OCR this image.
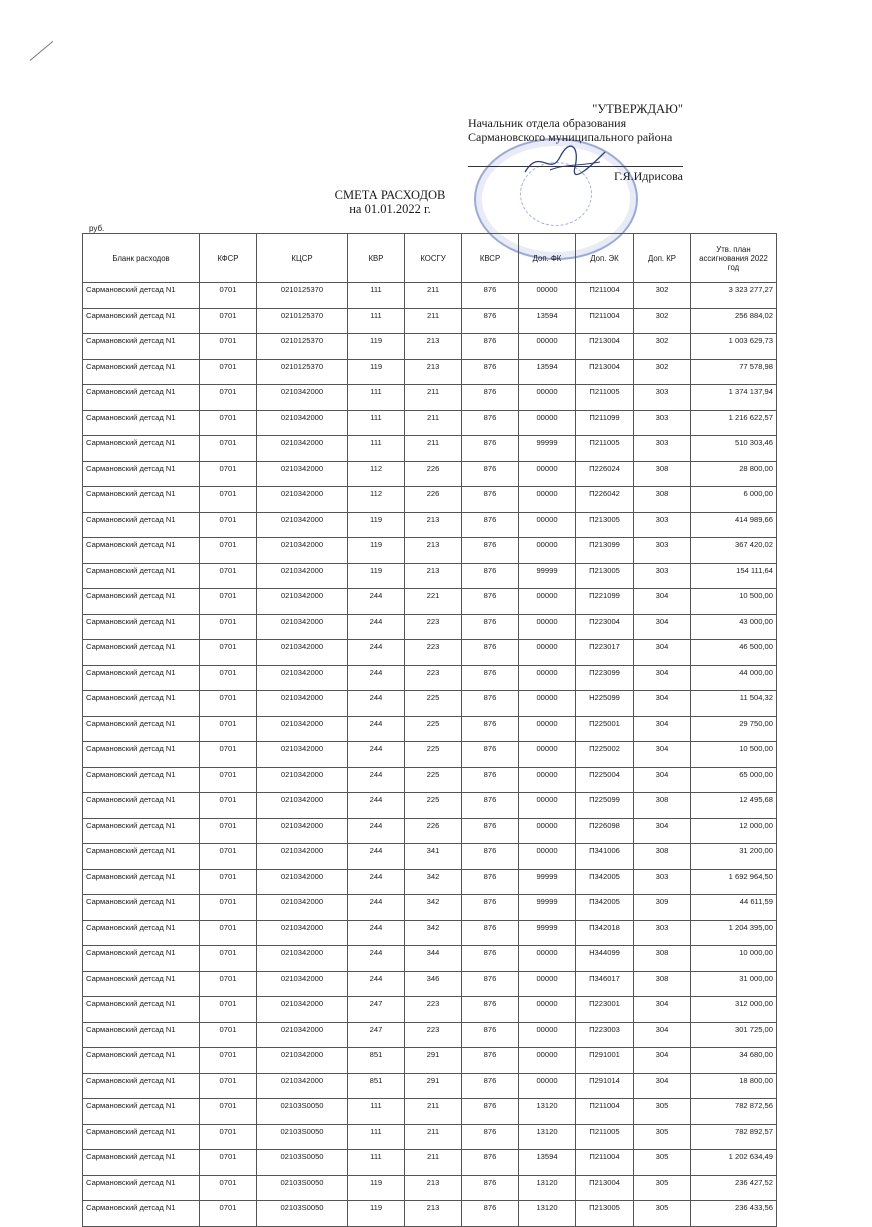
"УТВЕРЖДАЮ"
Начальник отдела образования
Сармановского муниципального района
Г.Я.Идрисова
СМЕТА РАСХОДОВ
на 01.01.2022 г.
руб.
Бланк расходов	КФСР	КЦСР	КВР	КОСГУ	КВСР	Доп. ФК	Доп. ЭК	Доп. КР	Утв. план ассигнования 2022 год
Сармановский детсад N1	0701	0210125370	111	211	876	00000	П211004	302	3 323 277,27
Сармановский детсад N1	0701	0210125370	111	211	876	13594	П211004	302	256 884,02
Сармановский детсад N1	0701	0210125370	119	213	876	00000	П213004	302	1 003 629,73
Сармановский детсад N1	0701	0210125370	119	213	876	13594	П213004	302	77 578,98
Сармановский детсад N1	0701	0210342000	111	211	876	00000	П211005	303	1 374 137,94
Сармановский детсад N1	0701	0210342000	111	211	876	00000	П211099	303	1 216 622,57
Сармановский детсад N1	0701	0210342000	111	211	876	99999	П211005	303	510 303,46
Сармановский детсад N1	0701	0210342000	112	226	876	00000	П226024	308	28 800,00
Сармановский детсад N1	0701	0210342000	112	226	876	00000	П226042	308	6 000,00
Сармановский детсад N1	0701	0210342000	119	213	876	00000	П213005	303	414 989,66
Сармановский детсад N1	0701	0210342000	119	213	876	00000	П213099	303	367 420,02
Сармановский детсад N1	0701	0210342000	119	213	876	99999	П213005	303	154 111,64
Сармановский детсад N1	0701	0210342000	244	221	876	00000	П221099	304	10 500,00
Сармановский детсад N1	0701	0210342000	244	223	876	00000	П223004	304	43 000,00
Сармановский детсад N1	0701	0210342000	244	223	876	00000	П223017	304	46 500,00
Сармановский детсад N1	0701	0210342000	244	223	876	00000	П223099	304	44 000,00
Сармановский детсад N1	0701	0210342000	244	225	876	00000	Н225099	304	11 504,32
Сармановский детсад N1	0701	0210342000	244	225	876	00000	П225001	304	29 750,00
Сармановский детсад N1	0701	0210342000	244	225	876	00000	П225002	304	10 500,00
Сармановский детсад N1	0701	0210342000	244	225	876	00000	П225004	304	65 000,00
Сармановский детсад N1	0701	0210342000	244	225	876	00000	П225099	308	12 495,68
Сармановский детсад N1	0701	0210342000	244	226	876	00000	П226098	304	12 000,00
Сармановский детсад N1	0701	0210342000	244	341	876	00000	П341006	308	31 200,00
Сармановский детсад N1	0701	0210342000	244	342	876	99999	П342005	303	1 692 964,50
Сармановский детсад N1	0701	0210342000	244	342	876	99999	П342005	309	44 611,59
Сармановский детсад N1	0701	0210342000	244	342	876	99999	П342018	303	1 204 395,00
Сармановский детсад N1	0701	0210342000	244	344	876	00000	Н344099	308	10 000,00
Сармановский детсад N1	0701	0210342000	244	346	876	00000	П346017	308	31 000,00
Сармановский детсад N1	0701	0210342000	247	223	876	00000	П223001	304	312 000,00
Сармановский детсад N1	0701	0210342000	247	223	876	00000	П223003	304	301 725,00
Сармановский детсад N1	0701	0210342000	851	291	876	00000	П291001	304	34 680,00
Сармановский детсад N1	0701	0210342000	851	291	876	00000	П291014	304	18 800,00
Сармановский детсад N1	0701	02103S0050	111	211	876	13120	П211004	305	782 872,56
Сармановский детсад N1	0701	02103S0050	111	211	876	13120	П211005	305	782 892,57
Сармановский детсад N1	0701	02103S0050	111	211	876	13594	П211004	305	1 202 634,49
Сармановский детсад N1	0701	02103S0050	119	213	876	13120	П213004	305	236 427,52
Сармановский детсад N1	0701	02103S0050	119	213	876	13120	П213005	305	236 433,56
